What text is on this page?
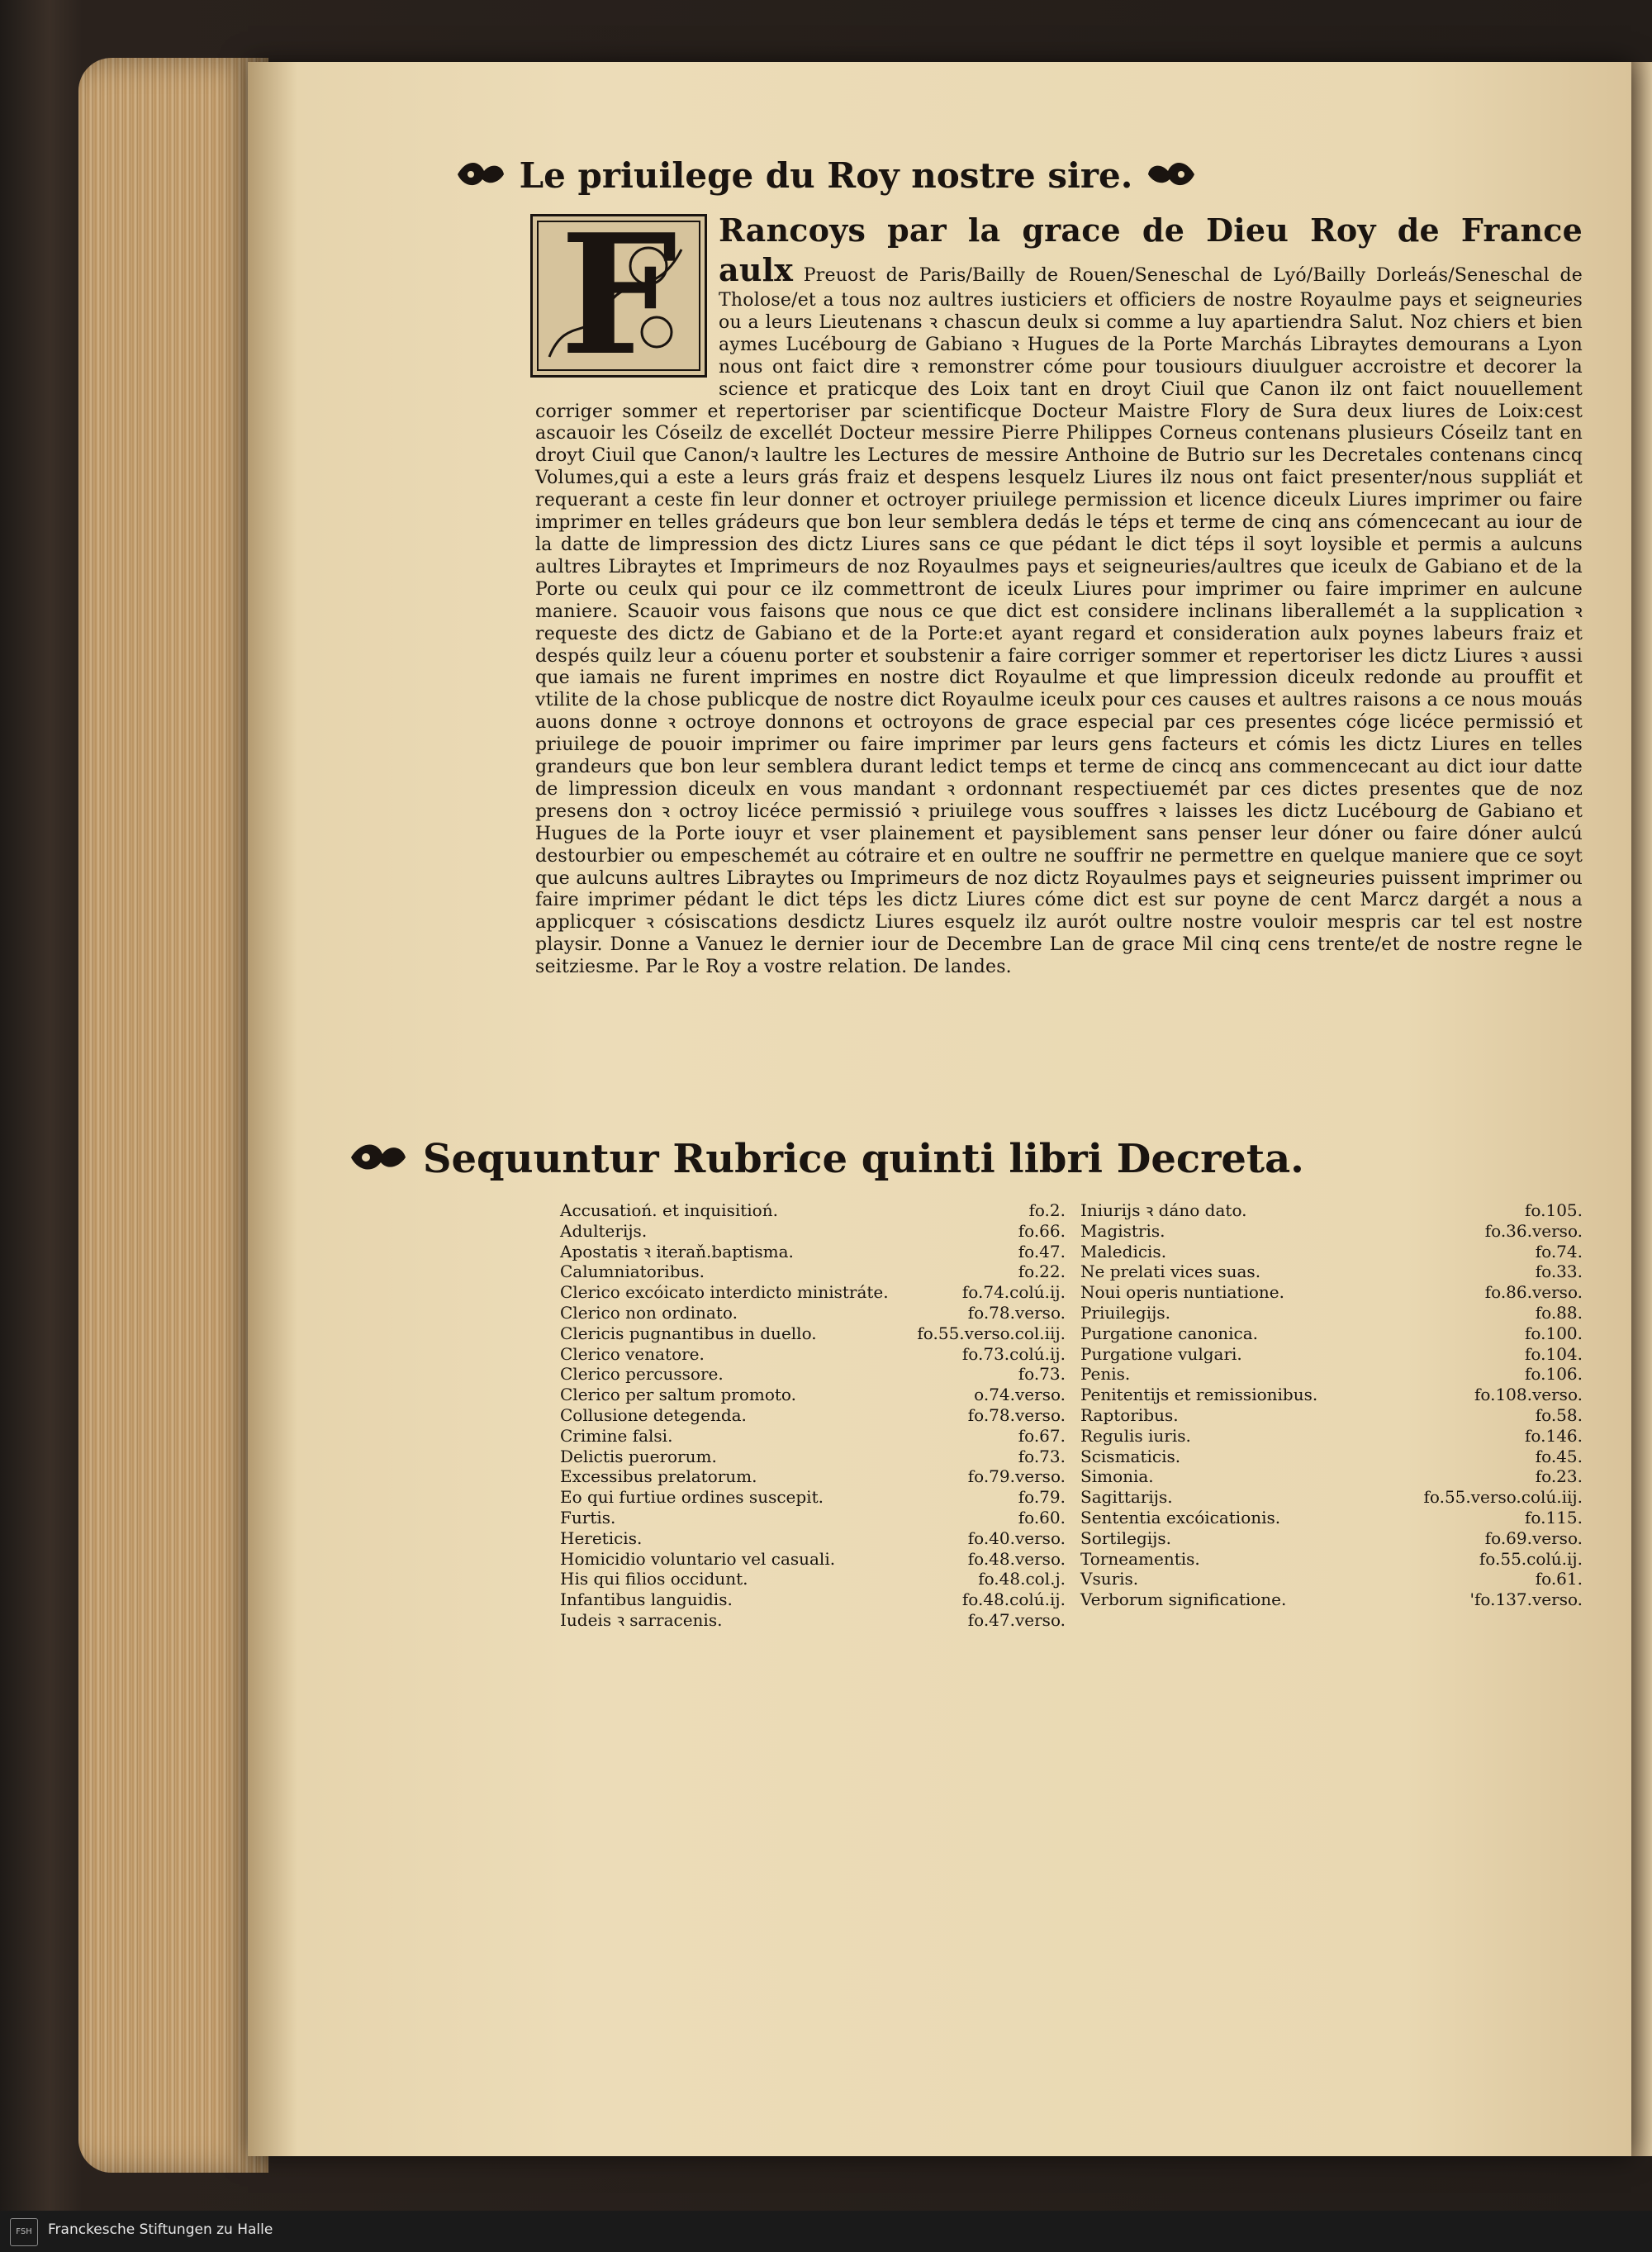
Le priuilege du Roy nostre sire.
F	Rancoys par la grace de Dieu Roy de France aulx Preuost de Paris/Bailly de Rouen/Seneschal de Lyó/Bailly Dorleás/Seneschal de Tholose/et a tous noz aultres iusticiers et officiers de nostre Royaulme pays et seigneuries ou a leurs Lieutenans ꝛ chascun deulx si comme a luy apartiendra Salut. Noz chiers et bien aymes Lucébourg de Gabiano ꝛ Hugues de la Porte Marchás Libraytes demourans a Lyon nous ont faict dire ꝛ remonstrer cóme pour tousiours diuulguer accroistre et decorer la science et praticque des Loix tant en droyt Ciuil que Canon ilz ont faict nouuellement corriger sommer et repertoriser par scientificque Docteur Maistre Flory de Sura deux liures de Loix:cest ascauoir les Cóseilz de excellét Docteur messire Pierre Philippes Corneus contenans plusieurs Cóseilz tant en droyt Ciuil que Canon/ꝛ laultre les Lectures de messire Anthoine de Butrio sur les Decretales contenans cincq Volumes,qui a este a leurs grás fraiz et despens lesquelz Liures ilz nous ont faict presenter/nous suppliát et requerant a ceste fin leur donner et octroyer priuilege permission et licence diceulx Liures imprimer ou faire imprimer en telles grádeurs que bon leur semblera dedás le téps et terme de cinq ans cómencecant au iour de la datte de limpression des dictz Liures sans ce que pédant le dict téps il soyt loysible et permis a aulcuns aultres Libraytes et Imprimeurs de noz Royaulmes pays et seigneuries/aultres que iceulx de Gabiano et de la Porte ou ceulx qui pour ce ilz commettront de iceulx Liures pour imprimer ou faire imprimer en aulcune maniere. Scauoir vous faisons que nous ce que dict est considere inclinans liberallemét a la supplication ꝛ requeste des dictz de Gabiano et de la Porte:et ayant regard et consideration aulx poynes labeurs fraiz et despés quilz leur a cóuenu porter et soubstenir a faire corriger sommer et repertoriser les dictz Liures ꝛ aussi que iamais ne furent imprimes en nostre dict Royaulme et que limpression diceulx redonde au prouffit et vtilite de la chose publicque de nostre dict Royaulme iceulx pour ces causes et aultres raisons a ce nous mouás auons donne ꝛ octroye donnons et octroyons de grace especial par ces presentes cóge licéce permissió et priuilege de pouoir imprimer ou faire imprimer par leurs gens facteurs et cómis les dictz Liures en telles grandeurs que bon leur semblera durant ledict temps et terme de cincq ans commencecant au dict iour datte de limpression diceulx en vous mandant ꝛ ordonnant respectiuemét par ces dictes presentes que de noz presens don ꝛ octroy licéce permissió ꝛ priuilege vous souffres ꝛ laisses les dictz Lucébourg de Gabiano et Hugues de la Porte iouyr et vser plainement et paysiblement sans penser leur dóner ou faire dóner aulcú destourbier ou empeschemét au cótraire et en oultre ne souffrir ne permettre en quelque maniere que ce soyt que aulcuns aultres Libraytes ou Imprimeurs de noz dictz Royaulmes pays et seigneuries puissent imprimer ou faire imprimer pédant le dict téps les dictz Liures cóme dict est sur poyne de cent Marcz dargét a nous a applicquer ꝛ cósiscations desdictz Liures esquelz ilz aurót oultre nostre vouloir mespris car tel est nostre playsir. Donne a Vanuez le dernier iour de Decembre Lan de grace Mil cinq cens trente/et de nostre regne le seitziesme. Par le Roy a vostre relation. De landes.
Sequuntur Rubrice quinti libri Decreta.
Accusatioń. et inquisitioń.	fo.2.
Adulterijs.	fo.66.
Apostatis ꝛ iteraň.baptisma.	fo.47.
Calumniatoribus.	fo.22.
Clerico excóicato interdicto ministráte.	fo.74.colú.ij.
Clerico non ordinato.	fo.78.verso.
Clericis pugnantibus in duello.	fo.55.verso.col.iij.
Clerico venatore.	fo.73.colú.ij.
Clerico percussore.	fo.73.
Clerico per saltum promoto.	o.74.verso.
Collusione detegenda.	fo.78.verso.
Crimine falsi.	fo.67.
Delictis puerorum.	fo.73.
Excessibus prelatorum.	fo.79.verso.
Eo qui furtiue ordines suscepit.	fo.79.
Furtis.	fo.60.
Hereticis.	fo.40.verso.
Homicidio voluntario vel casuali.	fo.48.verso.
His qui filios occidunt.	fo.48.col.j.
Infantibus languidis.	fo.48.colú.ij.
Iudeis ꝛ sarracenis.	fo.47.verso.
Iniurijs ꝛ dáno dato.	fo.105.
Magistris.	fo.36.verso.
Maledicis.	fo.74.
Ne prelati vices suas.	fo.33.
Noui operis nuntiatione.	fo.86.verso.
Priuilegijs.	fo.88.
Purgatione canonica.	fo.100.
Purgatione vulgari.	fo.104.
Penis.	fo.106.
Penitentijs et remissionibus.	fo.108.verso.
Raptoribus.	fo.58.
Regulis iuris.	fo.146.
Scismaticis.	fo.45.
Simonia.	fo.23.
Sagittarijs.	fo.55.verso.colú.iij.
Sententia excóicationis.	fo.115.
Sortilegijs.	fo.69.verso.
Torneamentis.	fo.55.colú.ij.
Vsuris.	fo.61.
Verborum significatione.	'fo.137.verso.
FSH	Franckesche Stiftungen zu Halle
